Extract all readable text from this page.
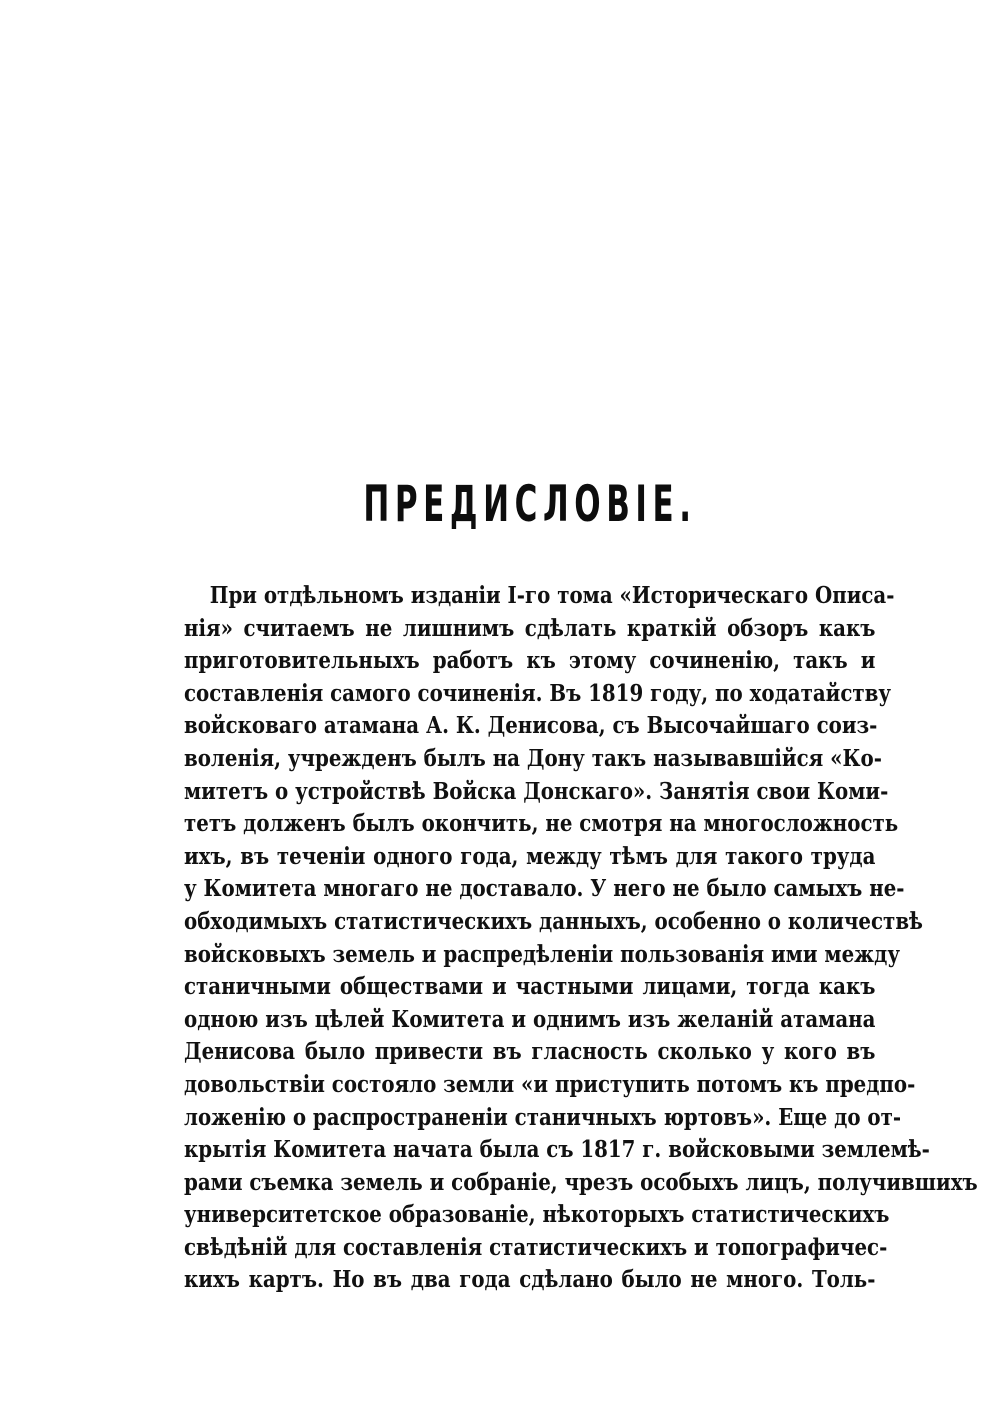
ПРЕДИСЛОВІЕ.
При отдѣльномъ изданіи І-го тома «Историческаго Описа-
нія» считаемъ не лишнимъ сдѣлать краткій обзоръ какъ
приготовительныхъ работъ къ этому сочиненію, такъ и
составленія самого сочиненія. Въ 1819 году, по ходатайству
войсковаго атамана А. К. Денисова, съ Высочайшаго соиз-
воленія, учрежденъ былъ на Дону такъ называвшійся «Ко-
митетъ о устройствѣ Войска Донскаго». Занятія свои Коми-
тетъ долженъ былъ окончить, не смотря на многосложность
ихъ, въ теченіи одного года, между тѣмъ для такого труда
у Комитета многаго не доставало. У него не было самыхъ не-
обходимыхъ статистическихъ данныхъ, особенно о количествѣ
войсковыхъ земель и распредѣленіи пользованія ими между
станичными обществами и частными лицами, тогда какъ
одною изъ цѣлей Комитета и однимъ изъ желаній атамана
Денисова было привести въ гласность сколько у кого въ
довольствіи состояло земли «и приступить потомъ къ предпо-
ложенію о распространеніи станичныхъ юртовъ». Еще до от-
крытія Комитета начата была съ 1817 г. войсковыми землемѣ-
рами съемка земель и собраніе, чрезъ особыхъ лицъ, получившихъ
университетское образованіе, нѣкоторыхъ статистическихъ
свѣдѣній для составленія статистическихъ и топографичес-
кихъ картъ. Но въ два года сдѣлано было не много. Толь-
